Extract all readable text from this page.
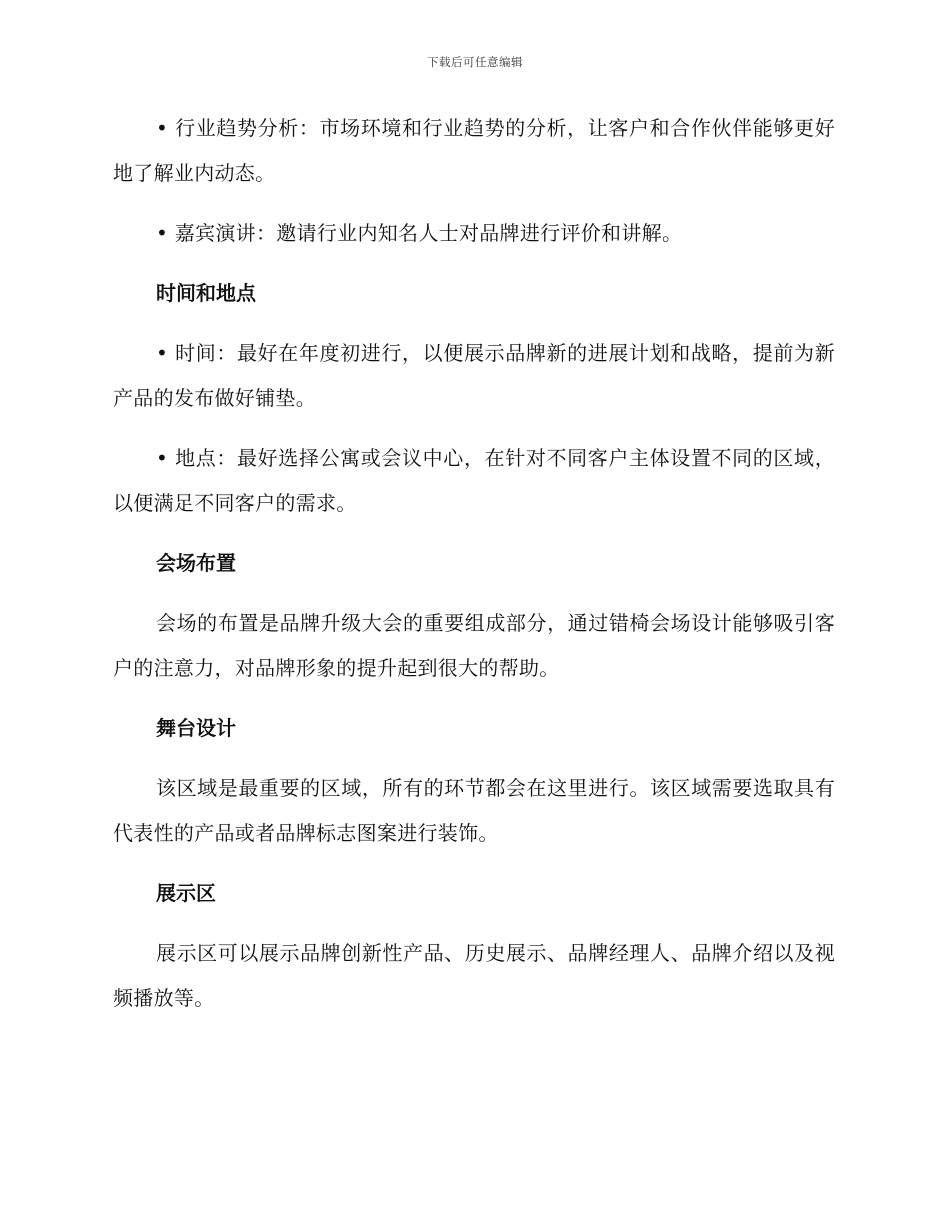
下载后可任意编辑

• 行业趋势分析：市场环境和行业趋势的分析，让客户和合作伙伴能够更好地了解业内动态。

• 嘉宾演讲：邀请行业内知名人士对品牌进行评价和讲解。

时间和地点

• 时间：最好在年度初进行，以便展示品牌新的进展计划和战略，提前为新产品的发布做好铺垫。

• 地点：最好选择公寓或会议中心，在针对不同客户主体设置不同的区域，以便满足不同客户的需求。

会场布置

会场的布置是品牌升级大会的重要组成部分，通过错椅会场设计能够吸引客户的注意力，对品牌形象的提升起到很大的帮助。

舞台设计

该区域是最重要的区域，所有的环节都会在这里进行。该区域需要选取具有代表性的产品或者品牌标志图案进行装饰。

展示区

展示区可以展示品牌创新性产品、历史展示、品牌经理人、品牌介绍以及视频播放等。
